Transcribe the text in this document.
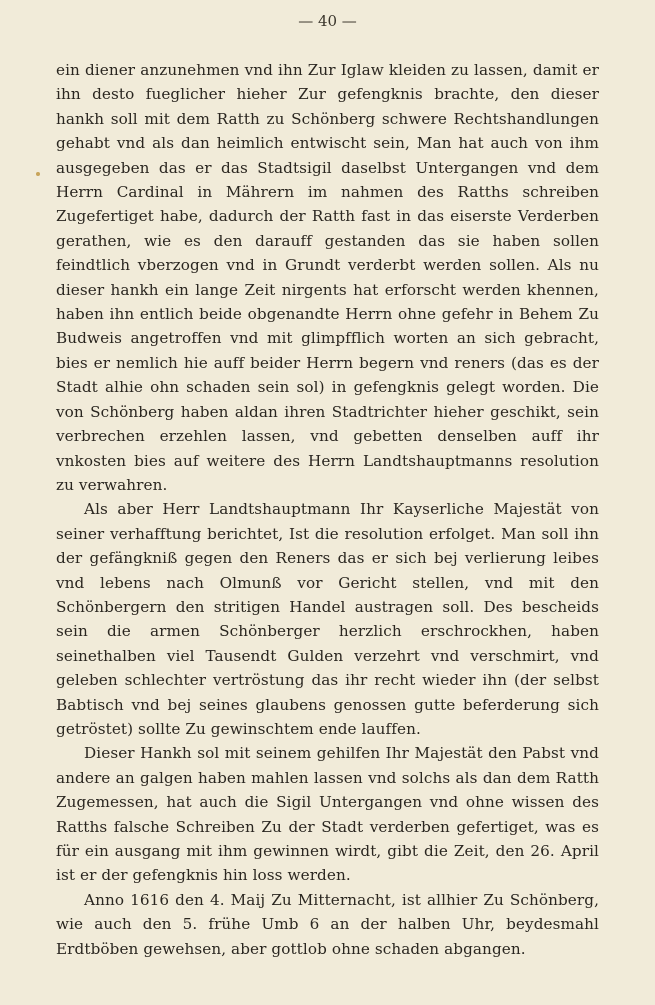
— 40 —

ein diener anzunehmen vnd ihn Zur Iglaw kleiden zu lassen, damit er ihn desto fueglicher hieher Zur gefengknis brachte, den dieser hankh soll mit dem Ratth zu Schönberg schwere Rechtshandlungen gehabt vnd als dan heimlich entwischt sein, Man hat auch von ihm ausgegeben das er das Stadtsigil daselbst Untergangen vnd dem Herrn Cardinal in Mährern im nahmen des Ratths schreiben Zugefertiget habe, dadurch der Ratth fast in das eiserste Verderben gerathen, wie es den darauff gestanden das sie haben sollen feindtlich vberzogen vnd in Grundt verderbt werden sollen. Als nu dieser hankh ein lange Zeit nirgents hat erforscht werden khennen, haben ihn entlich beide obgenandte Herrn ohne gefehr in Behem Zu Budweis angetroffen vnd mit glimpfflich worten an sich gebracht, bies er nemlich hie auff beider Herrn begern vnd reners (das es der Stadt alhie ohn schaden sein sol) in gefengknis gelegt worden. Die von Schönberg haben aldan ihren Stadtrichter hieher geschikt, sein verbrechen erzehlen lassen, vnd gebetten denselben auff ihr vnkosten bies auf weitere des Herrn Landtshauptmanns resolution zu verwahren.

Als aber Herr Landtshauptmann Ihr Kayserliche Majestät von seiner verhafftung berichtet, Ist die resolution erfolget. Man soll ihn der gefängkniß gegen den Reners das er sich bej verlierung leibes vnd lebens nach Olmunß vor Gericht stellen, vnd mit den Schönbergern den stritigen Handel austragen soll. Des bescheids sein die armen Schönberger herzlich erschrockhen, haben seinethalben viel Tausendt Gulden verzehrt vnd verschmirt, vnd geleben schlechter vertröstung das ihr recht wieder ihn (der selbst Babtisch vnd bej seines glaubens genossen gutte beferderung sich getröstet) sollte Zu gewinschtem ende lauffen.

Dieser Hankh sol mit seinem gehilfen Ihr Majestät den Pabst vnd andere an galgen haben mahlen lassen vnd solchs als dan dem Ratth Zugemessen, hat auch die Sigil Untergangen vnd ohne wissen des Ratths falsche Schreiben Zu der Stadt verderben gefertiget, was es für ein ausgang mit ihm gewinnen wirdt, gibt die Zeit, den 26. April ist er der gefengknis hin loss werden.

Anno 1616 den 4. Maij Zu Mitternacht, ist allhier Zu Schönberg, wie auch den 5. frühe Umb 6 an der halben Uhr, beydesmahl Erdtböben gewehsen, aber gottlob ohne schaden abgangen.
